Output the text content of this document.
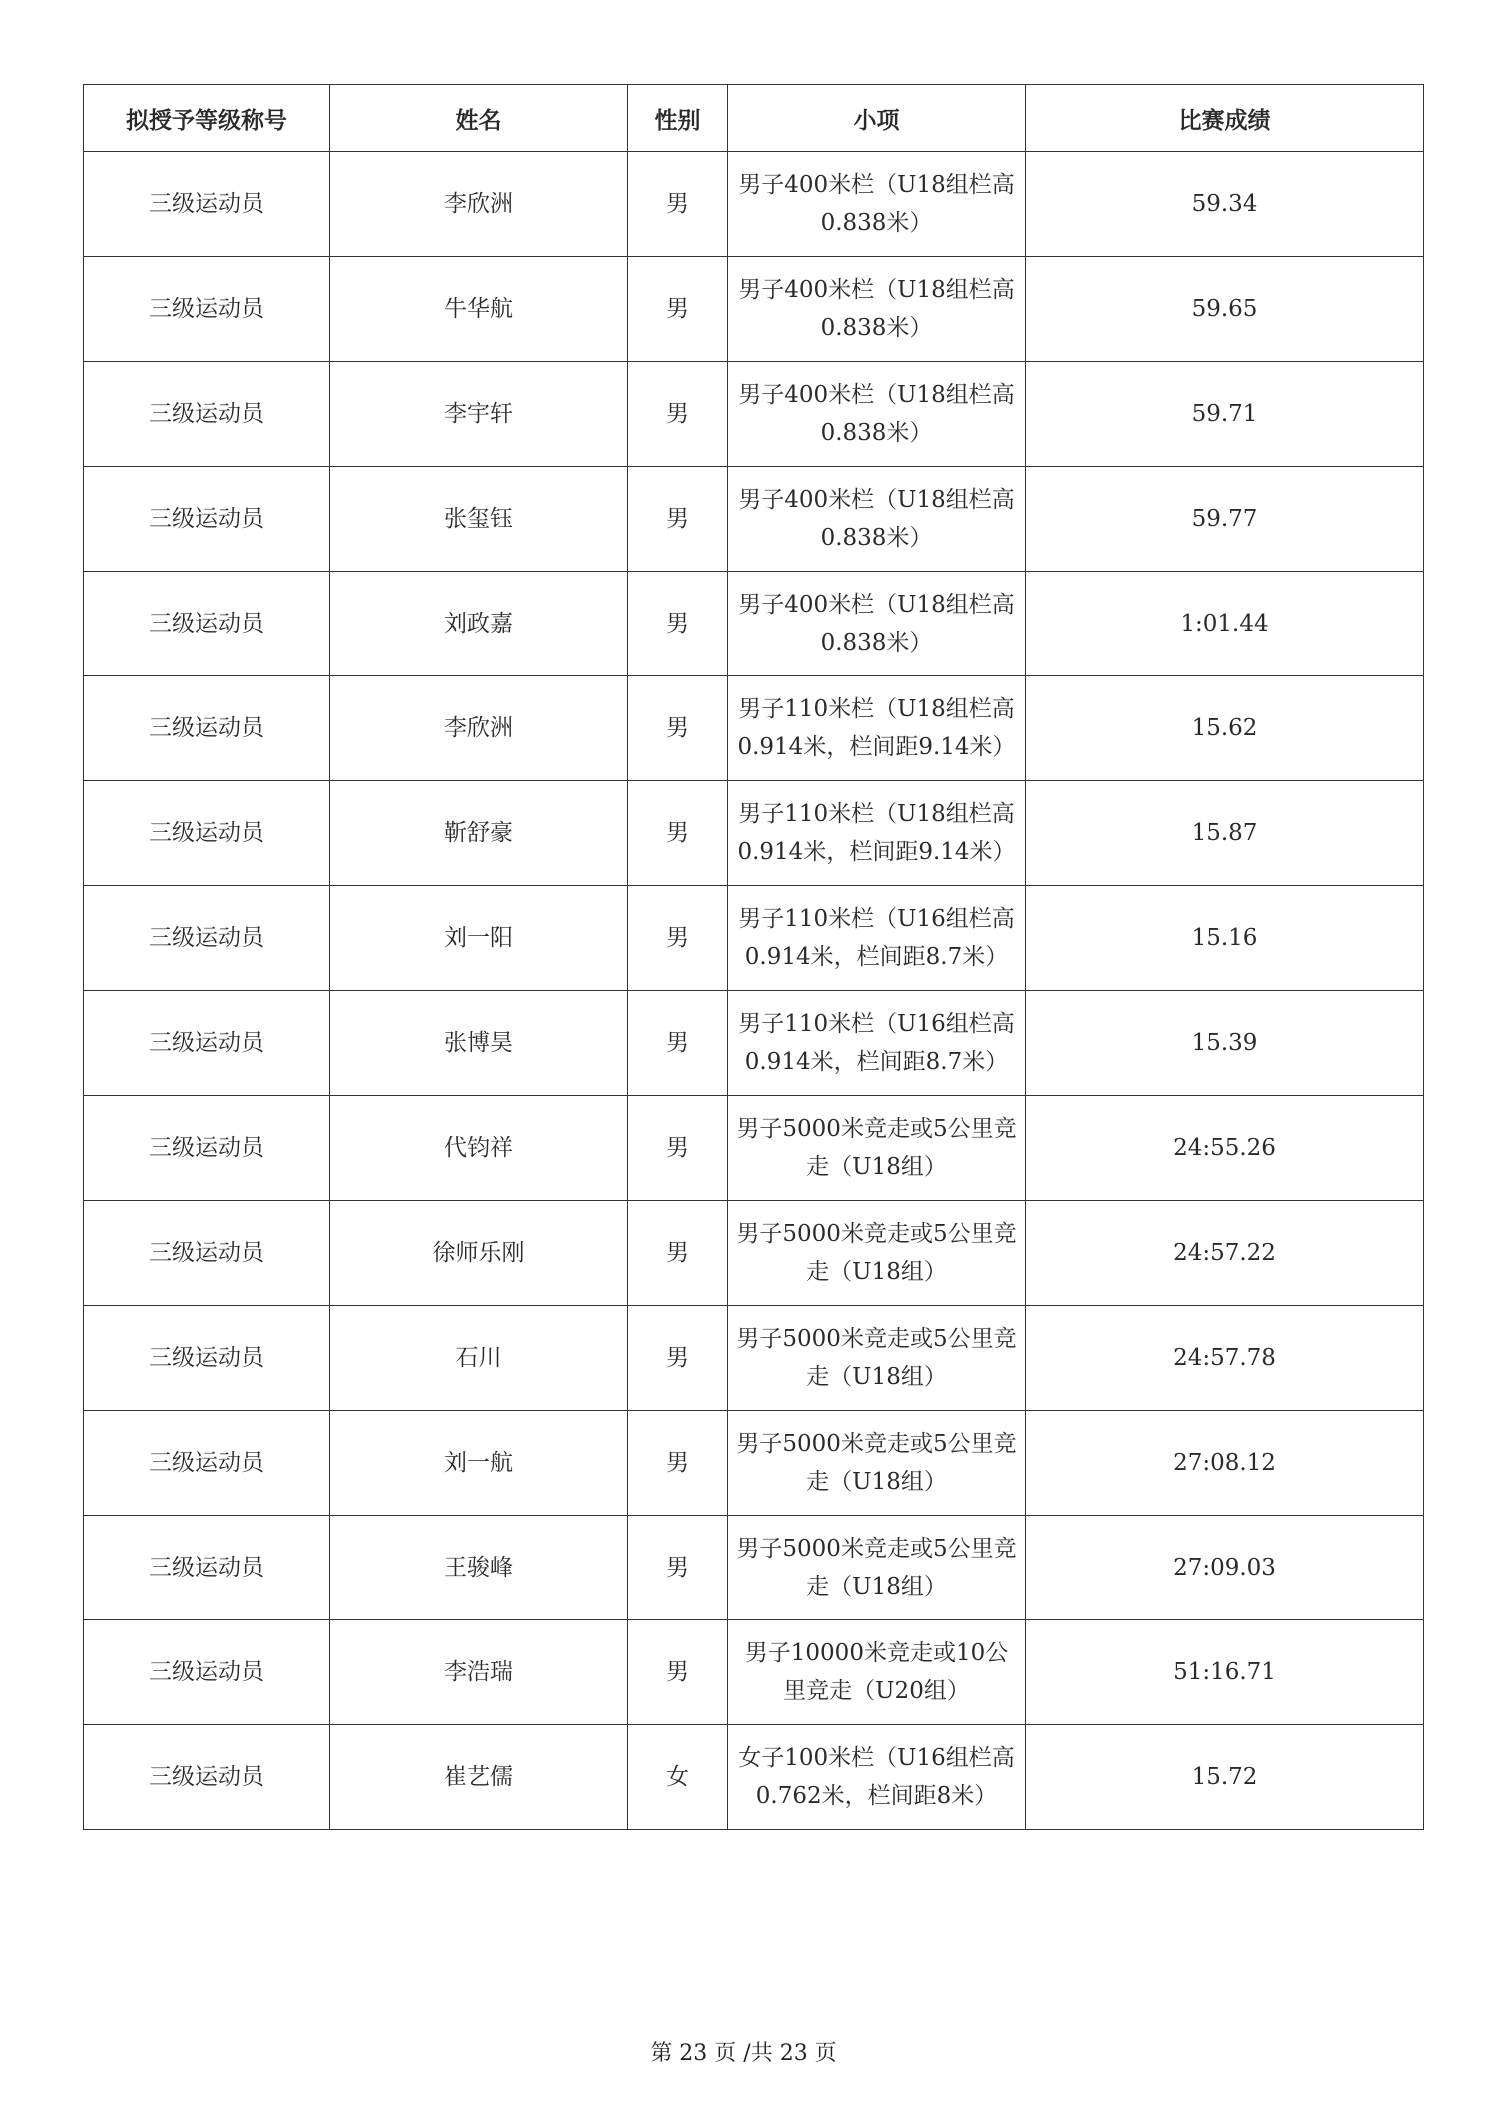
拟授予等级称号	姓名	性别	小项	比赛成绩
三级运动员	李欣洲	男	男子400米栏（U18组栏高0.838米）	59.34
三级运动员	牛华航	男	男子400米栏（U18组栏高0.838米）	59.65
三级运动员	李宇轩	男	男子400米栏（U18组栏高0.838米）	59.71
三级运动员	张玺钰	男	男子400米栏（U18组栏高0.838米）	59.77
三级运动员	刘政嘉	男	男子400米栏（U18组栏高0.838米）	1:01.44
三级运动员	李欣洲	男	男子110米栏（U18组栏高0.914米，栏间距9.14米）	15.62
三级运动员	靳舒豪	男	男子110米栏（U18组栏高0.914米，栏间距9.14米）	15.87
三级运动员	刘一阳	男	男子110米栏（U16组栏高0.914米，栏间距8.7米）	15.16
三级运动员	张博昊	男	男子110米栏（U16组栏高0.914米，栏间距8.7米）	15.39
三级运动员	代钧祥	男	男子5000米竞走或5公里竞走（U18组）	24:55.26
三级运动员	徐师乐刚	男	男子5000米竞走或5公里竞走（U18组）	24:57.22
三级运动员	石川	男	男子5000米竞走或5公里竞走（U18组）	24:57.78
三级运动员	刘一航	男	男子5000米竞走或5公里竞走（U18组）	27:08.12
三级运动员	王骏峰	男	男子5000米竞走或5公里竞走（U18组）	27:09.03
三级运动员	李浩瑞	男	男子10000米竞走或10公里竞走（U20组）	51:16.71
三级运动员	崔艺儒	女	女子100米栏（U16组栏高0.762米，栏间距8米）	15.72
第 23 页 /共 23 页
